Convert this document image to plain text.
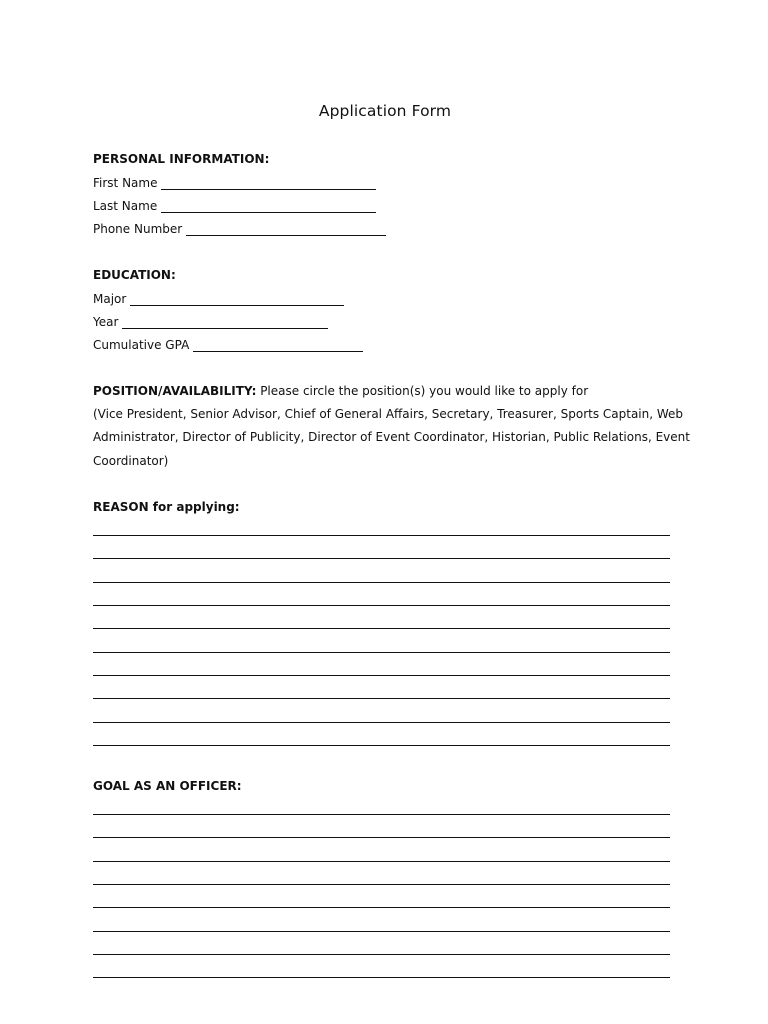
Application Form
PERSONAL INFORMATION:
First Name
Last Name
Phone Number
EDUCATION:
Major
Year
Cumulative GPA
POSITION/AVAILABILITY: Please circle the position(s) you would like to apply for
(Vice President, Senior Advisor, Chief of General Affairs, Secretary, Treasurer, Sports Captain, Web
Administrator, Director of Publicity, Director of Event Coordinator, Historian, Public Relations, Event
Coordinator)
REASON for applying:
GOAL AS AN OFFICER:
